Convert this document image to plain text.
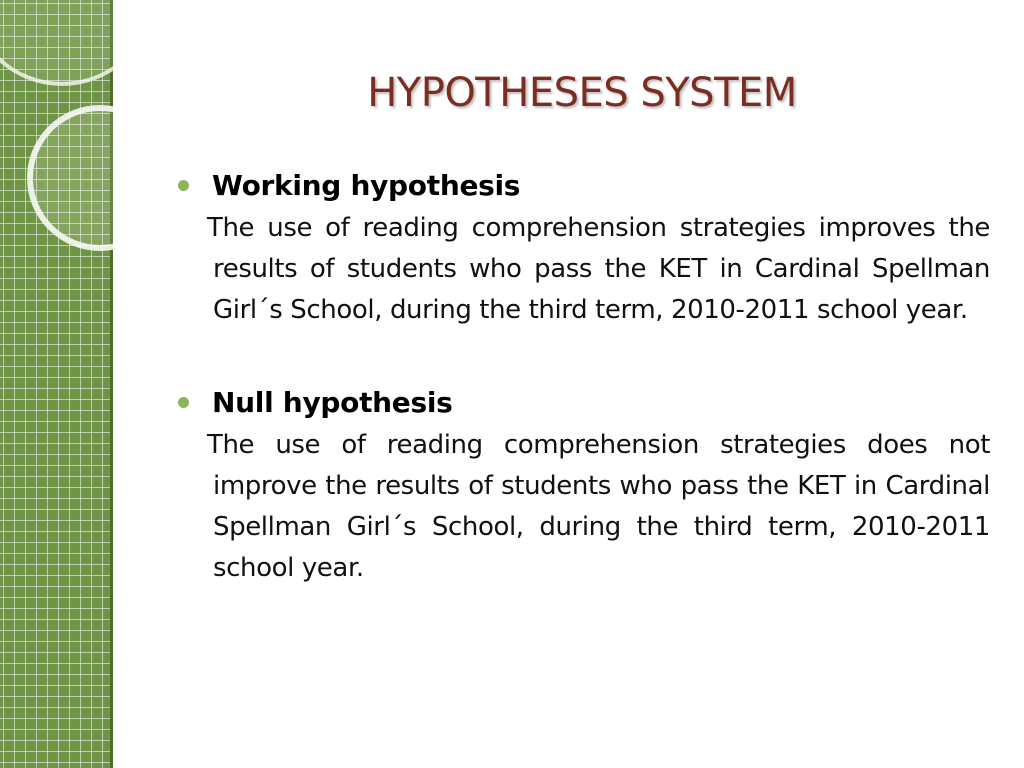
HYPOTHESES SYSTEM
Working hypothesis

The use of reading comprehension strategies improves the results of students who pass the KET in Cardinal Spellman Girl´s School, during the third term, 2010-2011 school year.

Null hypothesis

The use of reading comprehension strategies does not improve the results of students who pass the KET in Cardinal Spellman Girl´s School, during the third term, 2010-2011 school year.
